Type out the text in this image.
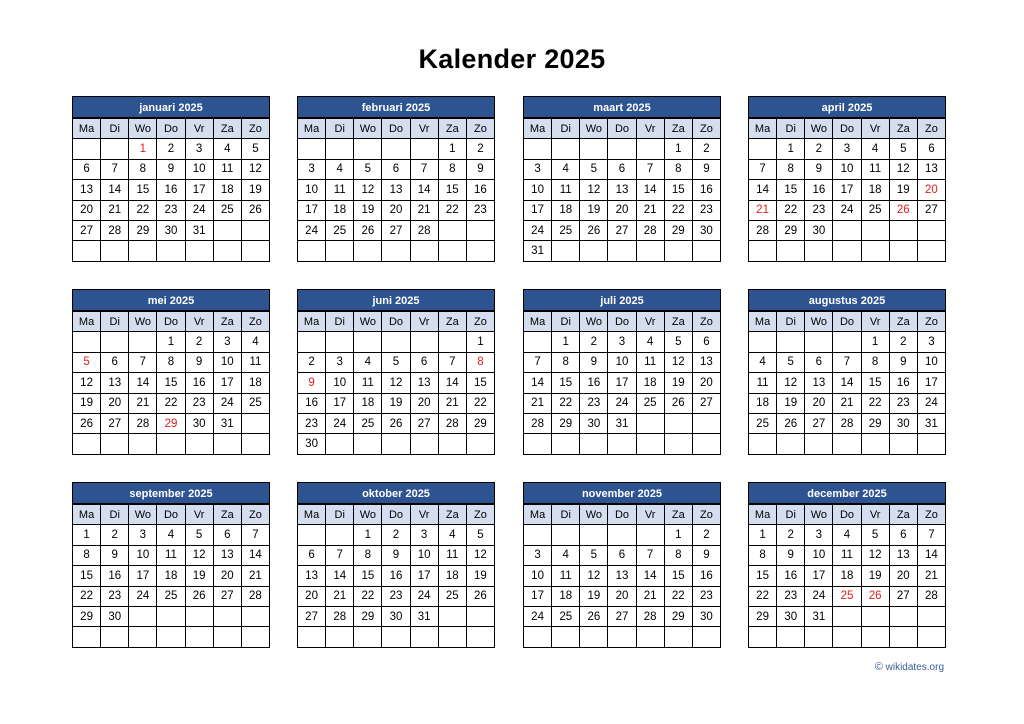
Kalender 2025
januari 2025
Ma	Di	Wo	Do	Vr	Za	Zo
		1	2	3	4	5
6	7	8	9	10	11	12
13	14	15	16	17	18	19
20	21	22	23	24	25	26
27	28	29	30	31		

februari 2025
Ma	Di	Wo	Do	Vr	Za	Zo
					1	2
3	4	5	6	7	8	9
10	11	12	13	14	15	16
17	18	19	20	21	22	23
24	25	26	27	28		

maart 2025
Ma	Di	Wo	Do	Vr	Za	Zo
					1	2
3	4	5	6	7	8	9
10	11	12	13	14	15	16
17	18	19	20	21	22	23
24	25	26	27	28	29	30
31						
april 2025
Ma	Di	Wo	Do	Vr	Za	Zo
	1	2	3	4	5	6
7	8	9	10	11	12	13
14	15	16	17	18	19	20
21	22	23	24	25	26	27
28	29	30				

mei 2025
Ma	Di	Wo	Do	Vr	Za	Zo
			1	2	3	4
5	6	7	8	9	10	11
12	13	14	15	16	17	18
19	20	21	22	23	24	25
26	27	28	29	30	31	

juni 2025
Ma	Di	Wo	Do	Vr	Za	Zo
						1
2	3	4	5	6	7	8
9	10	11	12	13	14	15
16	17	18	19	20	21	22
23	24	25	26	27	28	29
30						
juli 2025
Ma	Di	Wo	Do	Vr	Za	Zo
	1	2	3	4	5	6
7	8	9	10	11	12	13
14	15	16	17	18	19	20
21	22	23	24	25	26	27
28	29	30	31			

augustus 2025
Ma	Di	Wo	Do	Vr	Za	Zo
				1	2	3
4	5	6	7	8	9	10
11	12	13	14	15	16	17
18	19	20	21	22	23	24
25	26	27	28	29	30	31

september 2025
Ma	Di	Wo	Do	Vr	Za	Zo
1	2	3	4	5	6	7
8	9	10	11	12	13	14
15	16	17	18	19	20	21
22	23	24	25	26	27	28
29	30					

oktober 2025
Ma	Di	Wo	Do	Vr	Za	Zo
		1	2	3	4	5
6	7	8	9	10	11	12
13	14	15	16	17	18	19
20	21	22	23	24	25	26
27	28	29	30	31		

november 2025
Ma	Di	Wo	Do	Vr	Za	Zo
					1	2
3	4	5	6	7	8	9
10	11	12	13	14	15	16
17	18	19	20	21	22	23
24	25	26	27	28	29	30

december 2025
Ma	Di	Wo	Do	Vr	Za	Zo
1	2	3	4	5	6	7
8	9	10	11	12	13	14
15	16	17	18	19	20	21
22	23	24	25	26	27	28
29	30	31				

© wikidates.org
